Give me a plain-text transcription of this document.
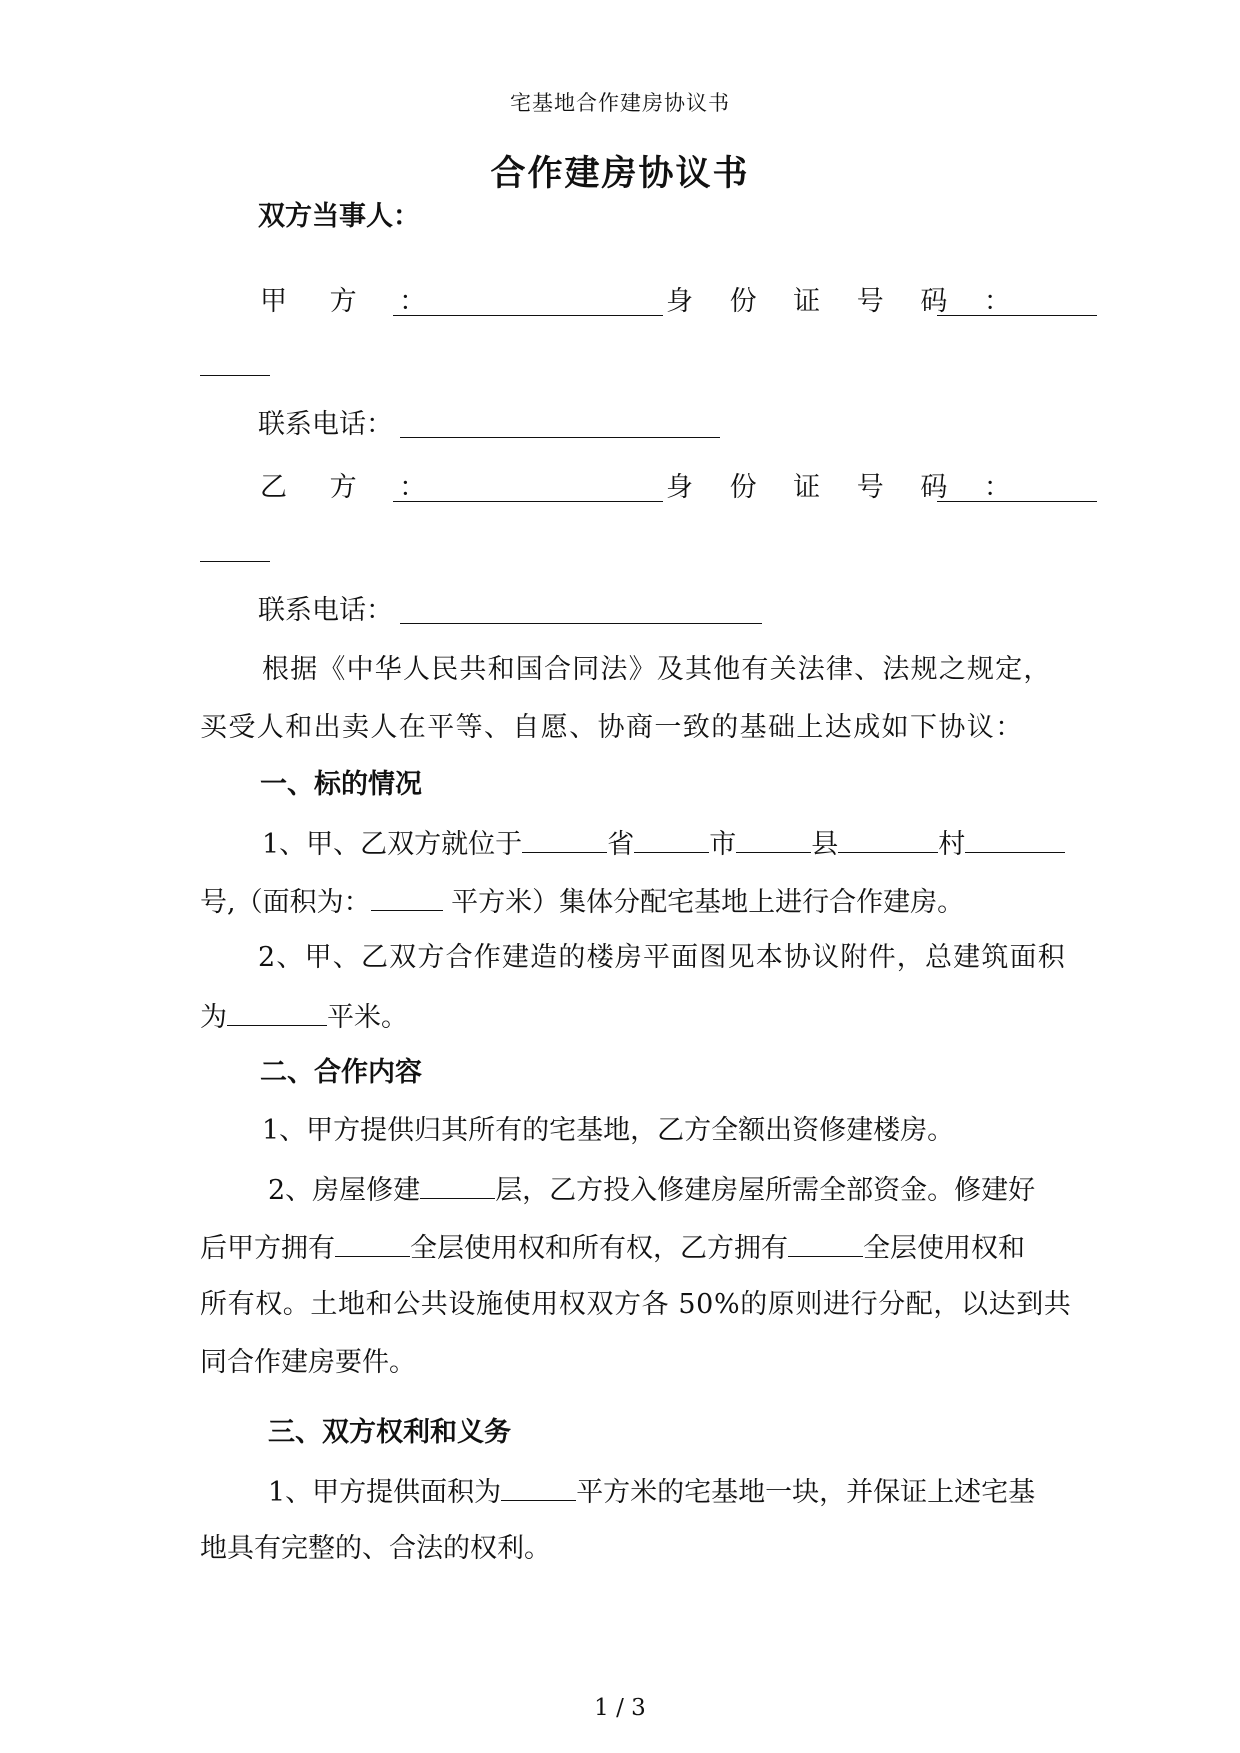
宅基地合作建房协议书
合作建房协议书
双方当事人：
甲 方 ：	身 份 证 号 码 ：
联系电话：
乙 方 ：	身 份 证 号 码 ：
联系电话：
根据《中华人民共和国合同法》及其他有关法律、法规之规定，
买受人和出卖人在平等、自愿、协商一致的基础上达成如下协议：
一、标的情况
1、甲、乙双方就位于	省	市	县	村
号,（面积为：	平方米）集体分配宅基地上进行合作建房。
2、甲、乙双方合作建造的楼房平面图见本协议附件，总建筑面积
为	平米。
二、合作内容
1、甲方提供归其所有的宅基地，乙方全额出资修建楼房。
2、房屋修建	层，乙方投入修建房屋所需全部资金。修建好
后甲方拥有	全层使用权和所有权，乙方拥有	全层使用权和
所有权。土地和公共设施使用权双方各 50%的原则进行分配，以达到共
同合作建房要件。
三、双方权利和义务
1、甲方提供面积为	平方米的宅基地一块，并保证上述宅基
地具有完整的、合法的权利。
1 / 3
